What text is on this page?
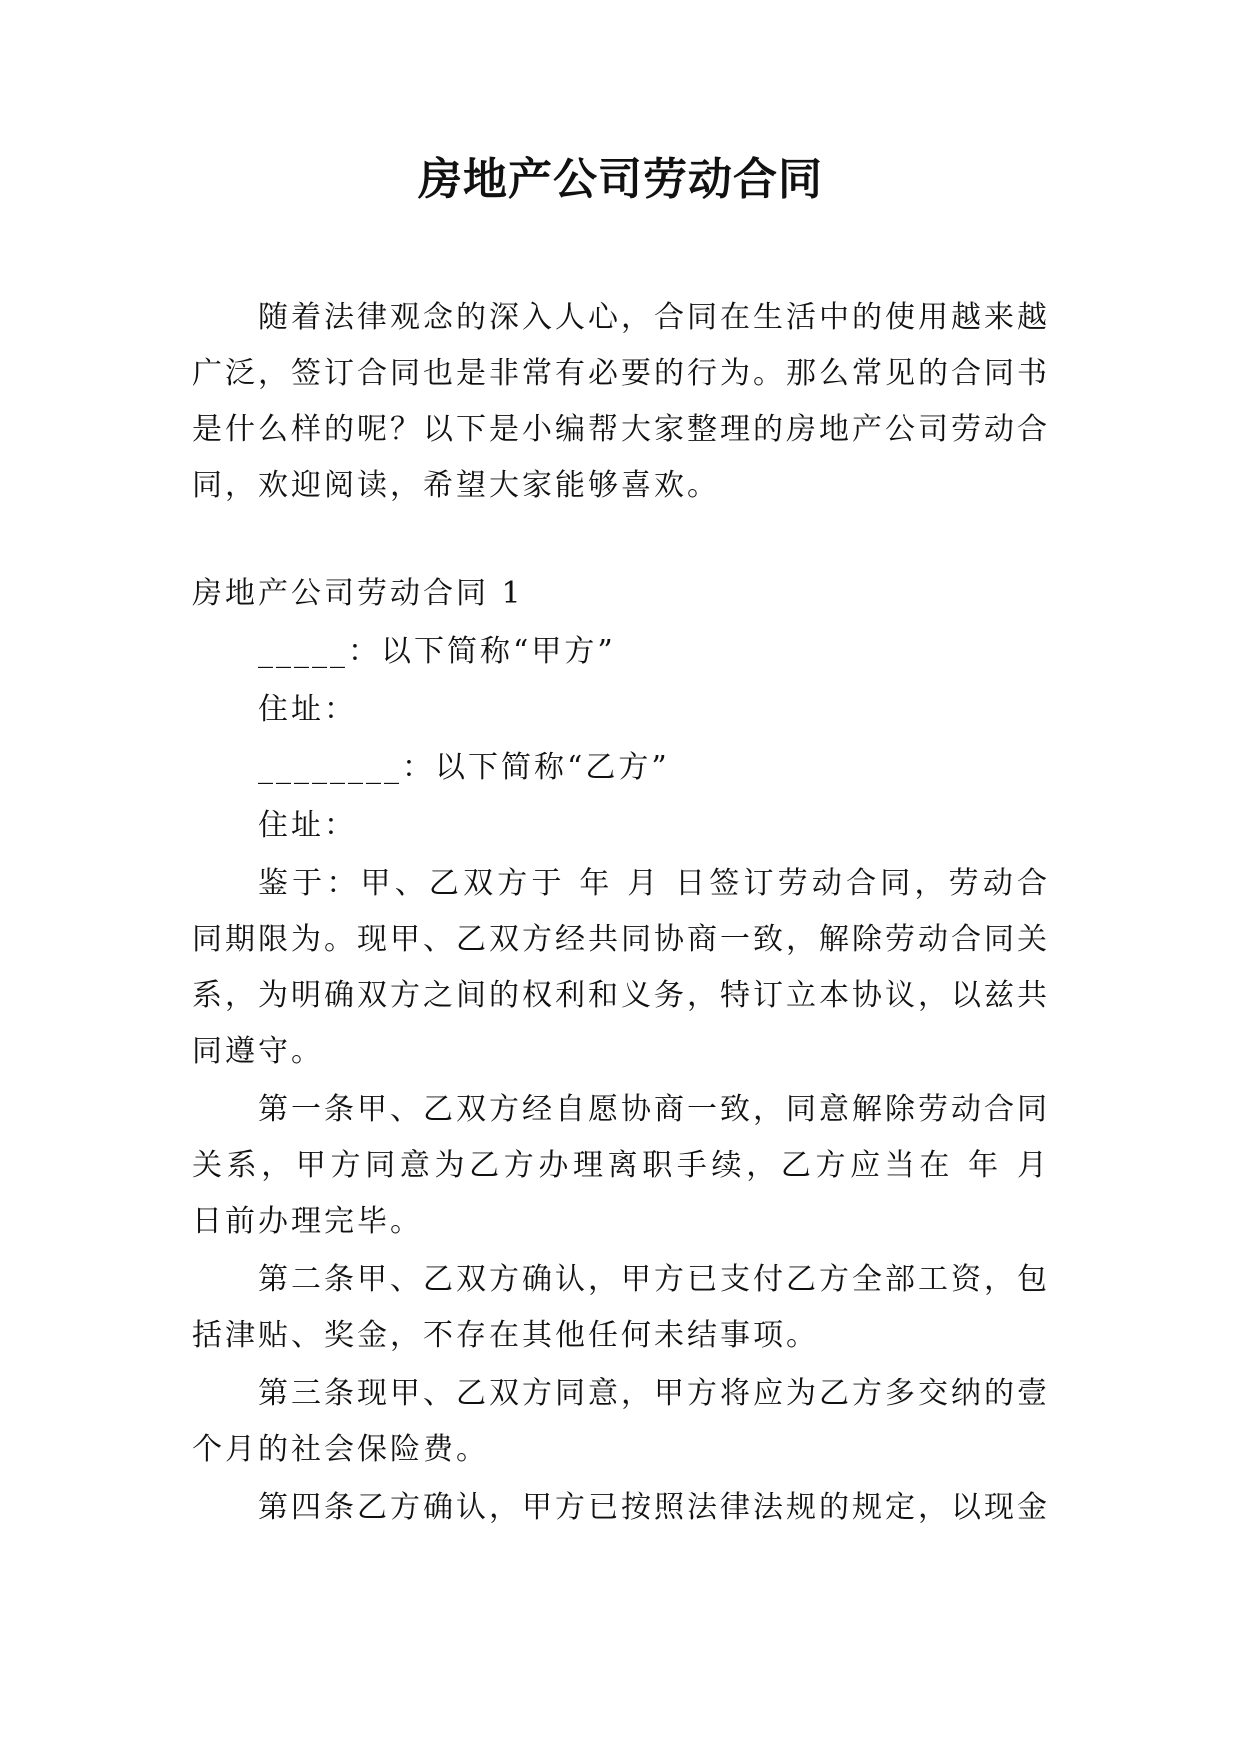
房地产公司劳动合同

随着法律观念的深入人心，合同在生活中的使用越来越广泛，签订合同也是非常有必要的行为。那么常见的合同书是什么样的呢？以下是小编帮大家整理的房地产公司劳动合同，欢迎阅读，希望大家能够喜欢。

房地产公司劳动合同 1

_____：以下简称“甲方”

住址：

________：以下简称“乙方”

住址：

鉴于：甲、乙双方于 年 月 日签订劳动合同，劳动合同期限为。现甲、乙双方经共同协商一致，解除劳动合同关系，为明确双方之间的权利和义务，特订立本协议，以兹共同遵守。

第一条甲、乙双方经自愿协商一致，同意解除劳动合同关系，甲方同意为乙方办理离职手续，乙方应当在 年 月 日前办理完毕。

第二条甲、乙双方确认，甲方已支付乙方全部工资，包括津贴、奖金，不存在其他任何未结事项。

第三条现甲、乙双方同意，甲方将应为乙方多交纳的壹个月的社会保险费。

第四条乙方确认，甲方已按照法律法规的规定，以现金
